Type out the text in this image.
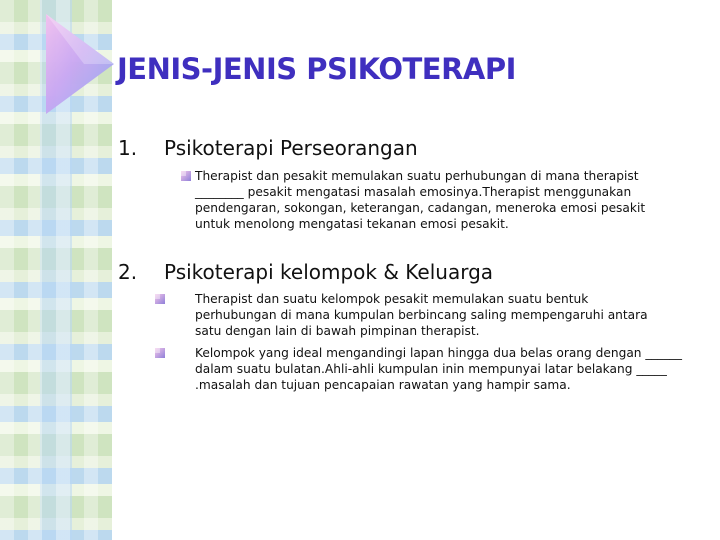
JENIS-JENIS PSIKOTERAPI
1. Psikoterapi Perseorangan

Therapist dan pesakit memulakan suatu perhubungan di mana therapist ________ pesakit mengatasi masalah emosinya.Therapist menggunakan pendengaran, sokongan, keterangan, cadangan, meneroka emosi pesakit untuk menolong mengatasi tekanan emosi pesakit.

2. Psikoterapi kelompok & Keluarga

Therapist dan suatu kelompok pesakit memulakan suatu bentuk perhubungan di mana kumpulan berbincang saling mempengaruhi antara satu dengan lain di bawah pimpinan therapist.

Kelompok yang ideal mengandingi lapan hingga dua belas orang dengan ______ dalam suatu bulatan.Ahli-ahli kumpulan inin mempunyai latar belakang _____ .masalah dan tujuan pencapaian rawatan yang hampir sama.
